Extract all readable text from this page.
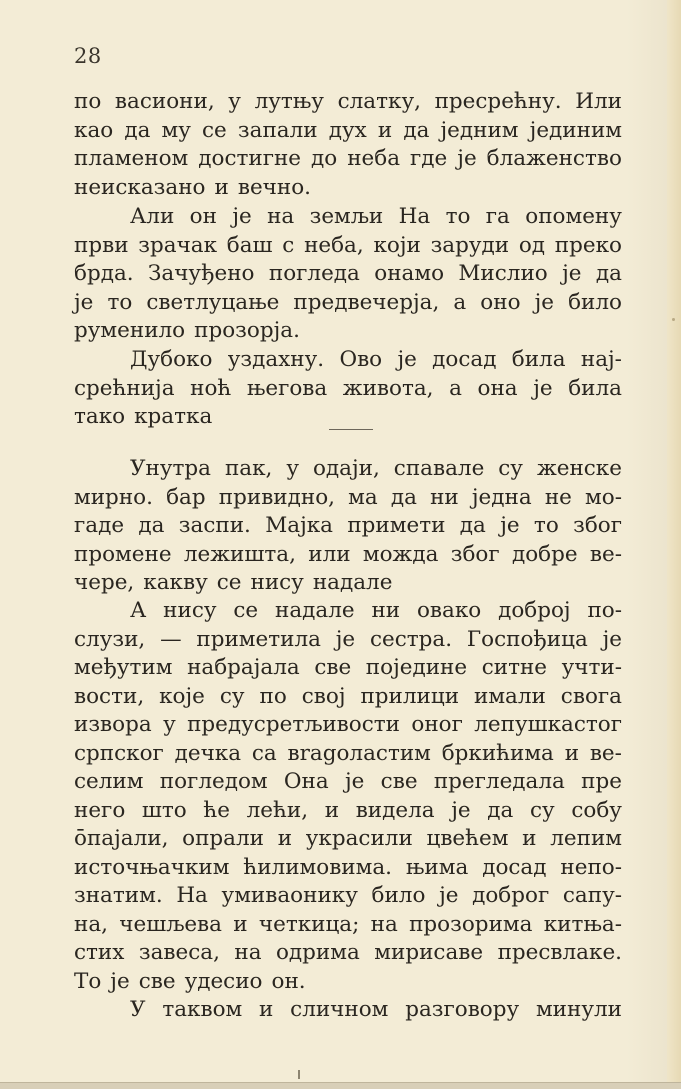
28
по васиони, у лутњу слатку, пресрећну. Или
као да му се запали дух и да једним јединим
пламеном достигне до неба где је блаженство
неисказано и вечно.
Али он је на земљи На то га опомену
први зрачак баш с неба, који заруди од преко
брда. Зачуђено погледа онамо Мислио је да
је то светлуцање предвечерја, а оно је било
руменило прозорја.
Дубоко уздахну. Ово је досад била нај-
срећнија ноћ његова живота, а она је била
тако кратка
Унутра пак, у одаји, спавале су женске
мирно. бар привидно, ма да ни једна не мо-
гаде да заспи. Мајка примети да је то због
промене лежишта, или можда због добре ве-
чере, какву се нису надале
А нису се надале ни овако доброј по-
слузи, — приметила је сестра. Госпођица је
међутим набрајала све поједине ситне учти-
вости, које су по свој прилици имали свога
извора у предусретљивости оног лепушкастог
српског дечка са вragoластим бркићима и ве-
селим погледом Она је све прегледала пре
него што ће лећи, и видела је да су собу
ōпајали, опрали и украсили цвећем и лепим
источњачким ћилимовима. њима досад непо-
знатим. На умиваонику било је доброг сапу-
на, чешљева и четкица; на прозорима китња-
стих завеса, на одрима мирисаве пресвлаке.
То је све удесио он.
У таквом и сличном разговору минули
